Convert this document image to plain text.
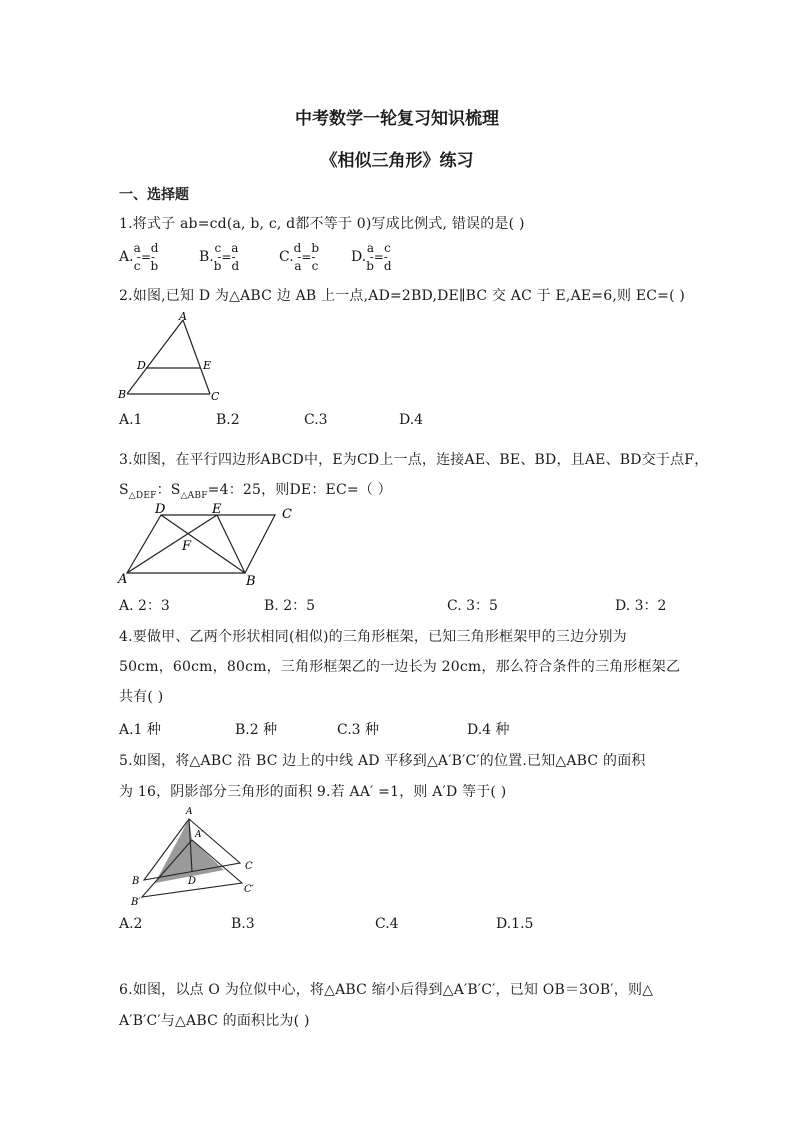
中考数学一轮复习知识梳理
《相似三角形》练习
一、选择题
1.将式子 ab=cd(a, b, c, d都不等于 0)写成比例式, 错误的是( )
A.
a d
-=-
c b
B.
c a
-=-
b d
C.
d b
-=-
a c
D.
a c
-=-
b d
2.如图,已知 D 为△ABC 边 AB 上一点,AD=2BD,DE∥BC 交 AC 于 E,AE=6,则 EC=( )
A
D	E
B	C
A.1	B.2	C.3	D.4
3.如图，在平行四边形ABCD中，E为CD上一点，连接AE、BE、BD，且AE、BD交于点F，
$S_{\triangle DEF}$：$S_{\triangle ABF}=4$：25，则DE：EC=（ ）
D	E	C
F
A	B
A. 2：3	B. 2：5	C. 3：5	D. 3：2
4.要做甲、乙两个形状相同(相似)的三角形框架，已知三角形框架甲的三边分别为
50cm，60cm，80cm，三角形框架乙的一边长为 20cm，那么符合条件的三角形框架乙
共有( )
A.1 种	B.2 种	C.3 种	D.4 种
5.如图，将△ABC 沿 BC 边上的中线 AD 平移到△A′B′C′的位置.已知△ABC 的面积
为 16，阴影部分三角形的面积 9.若 AA′ =1，则 A′D 等于( )
A
A′
C
B	D
C′
B′
A.2	B.3	C.4	D.1.5
6.如图，以点 O 为位似中心，将△ABC 缩小后得到△A′B′C′，已知 OB＝3OB′，则△
A′B′C′与△ABC 的面积比为( )
